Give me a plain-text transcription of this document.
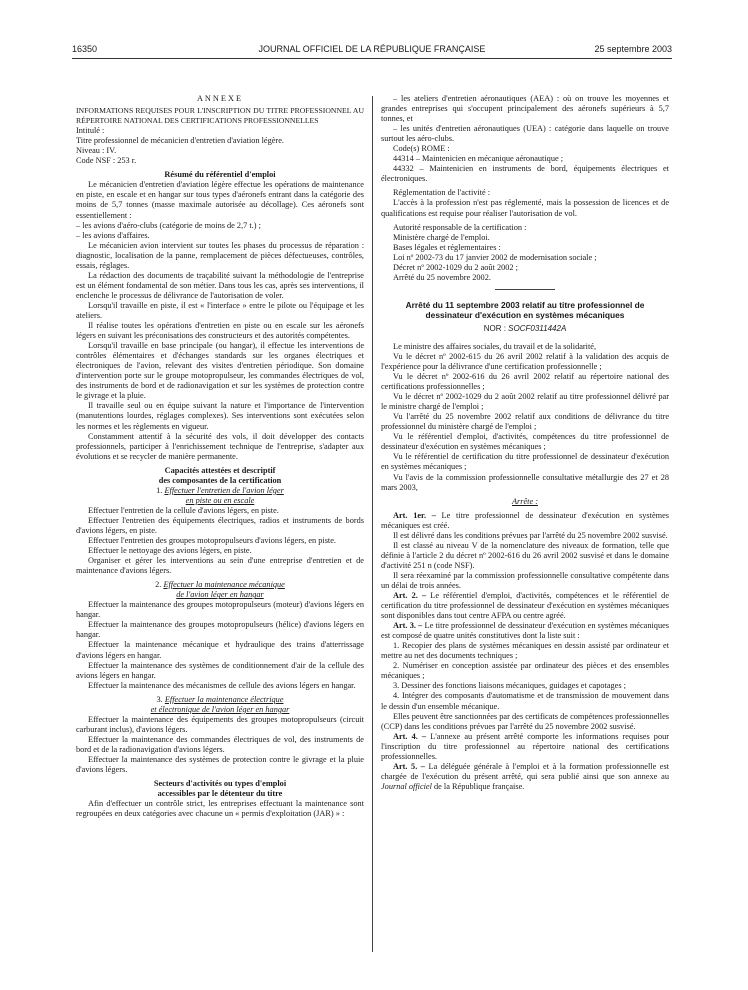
16350	JOURNAL OFFICIEL DE LA RÉPUBLIQUE FRANÇAISE	25 septembre 2003

ANNEXE

INFORMATIONS REQUISES POUR L'INSCRIPTION DU TITRE PROFESSIONNEL AU RÉPERTOIRE NATIONAL DES CERTIFICATIONS PROFESSIONNELLES

Intitulé :

Titre professionnel de mécanicien d'entretien d'aviation légère.

Niveau : IV.

Code NSF : 253 r.

Résumé du référentiel d'emploi

Le mécanicien d'entretien d'aviation légère effectue les opérations de maintenance en piste, en escale et en hangar sur tous types d'aéronefs entrant dans la catégorie des moins de 5,7 tonnes (masse maximale autorisée au décollage). Ces aéronefs sont essentiellement :

– les avions d'aéro-clubs (catégorie de moins de 2,7 t.) ;

– les avions d'affaires.

Le mécanicien avion intervient sur toutes les phases du processus de réparation : diagnostic, localisation de la panne, remplacement de pièces défectueuses, contrôles, essais, réglages.

La rédaction des documents de traçabilité suivant la méthodologie de l'entreprise est un élément fondamental de son métier. Dans tous les cas, après ses interventions, il enclenche le processus de délivrance de l'autorisation de voler.

Lorsqu'il travaille en piste, il est « l'interface » entre le pilote ou l'équipage et les ateliers.

Il réalise toutes les opérations d'entretien en piste ou en escale sur les aéronefs légers en suivant les préconisations des constructeurs et des autorités compétentes.

Lorsqu'il travaille en base principale (ou hangar), il effectue les interventions de contrôles élémentaires et d'échanges standards sur les organes électriques et électroniques de l'avion, relevant des visites d'entretien périodique. Son domaine d'intervention porte sur le groupe motopropulseur, les commandes électriques de vol, des instruments de bord et de radionavigation et sur les systèmes de protection contre le givrage et la pluie.

Il travaille seul ou en équipe suivant la nature et l'importance de l'intervention (manutentions lourdes, réglages complexes). Ses interventions sont exécutées selon les normes et les règlements en vigueur.

Constamment attentif à la sécurité des vols, il doit développer des contacts professionnels, participer à l'enrichissement technique de l'entreprise, s'adapter aux évolutions et se recycler de manière permanente.

Capacités attestées et descriptif

des composantes de la certification

1. Effectuer l'entretien de l'avion léger

en piste ou en escale

Effectuer l'entretien de la cellule d'avions légers, en piste.

Effectuer l'entretien des équipements électriques, radios et instruments de bords d'avions légers, en piste.

Effectuer l'entretien des groupes motopropulseurs d'avions légers, en piste.

Effectuer le nettoyage des avions légers, en piste.

Organiser et gérer les interventions au sein d'une entreprise d'entretien et de maintenance d'avions légers.

2. Effectuer la maintenance mécanique

de l'avion léger en hangar

Effectuer la maintenance des groupes motopropulseurs (moteur) d'avions légers en hangar.

Effectuer la maintenance des groupes motopropulseurs (hélice) d'avions légers en hangar.

Effectuer la maintenance mécanique et hydraulique des trains d'atterrissage d'avions légers en hangar.

Effectuer la maintenance des systèmes de conditionnement d'air de la cellule des avions légers en hangar.

Effectuer la maintenance des mécanismes de cellule des avions légers en hangar.

3. Effectuer la maintenance électrique

et électronique de l'avion léger en hangar

Effectuer la maintenance des équipements des groupes motopropulseurs (circuit carburant inclus), d'avions légers.

Effectuer la maintenance des commandes électriques de vol, des instruments de bord et de la radionavigation d'avions légers.

Effectuer la maintenance des systèmes de protection contre le givrage et la pluie d'avions légers.

Secteurs d'activités ou types d'emploi

accessibles par le détenteur du titre

Afin d'effectuer un contrôle strict, les entreprises effectuant la maintenance sont regroupées en deux catégories avec chacune un « permis d'exploitation (JAR) » :

– les ateliers d'entretien aéronautiques (AEA) : où on trouve les moyennes et grandes entreprises qui s'occupent principalement des aéronefs supérieurs à 5,7 tonnes, et

– les unités d'entretien aéronautiques (UEA) : catégorie dans laquelle on trouve surtout les aéro-clubs.

Code(s) ROME :

44314 – Maintenicien en mécanique aéronautique ;

44332 – Maintenicien en instruments de bord, équipements électriques et électroniques.

Réglementation de l'activité :

L'accès à la profession n'est pas réglementé, mais la possession de licences et de qualifications est requise pour réaliser l'autorisation de vol.

Autorité responsable de la certification :

Ministère chargé de l'emploi.

Bases légales et réglementaires :

Loi nº 2002-73 du 17 janvier 2002 de modernisation sociale ;

Décret nº 2002-1029 du 2 août 2002 ;

Arrêté du 25 novembre 2002.

Arrêté du 11 septembre 2003 relatif au titre professionnel de dessinateur d'exécution en systèmes mécaniques

NOR : SOCF0311442A

Le ministre des affaires sociales, du travail et de la solidarité,

Vu le décret nº 2002-615 du 26 avril 2002 relatif à la validation des acquis de l'expérience pour la délivrance d'une certification professionnelle ;

Vu le décret nº 2002-616 du 26 avril 2002 relatif au répertoire national des certifications professionnelles ;

Vu le décret nº 2002-1029 du 2 août 2002 relatif au titre professionnel délivré par le ministre chargé de l'emploi ;

Vu l'arrêté du 25 novembre 2002 relatif aux conditions de délivrance du titre professionnel du ministère chargé de l'emploi ;

Vu le référentiel d'emploi, d'activités, compétences du titre professionnel de dessinateur d'exécution en systèmes mécaniques ;

Vu le référentiel de certification du titre professionnel de dessinateur d'exécution en systèmes mécaniques ;

Vu l'avis de la commission professionnelle consultative métallurgie des 27 et 28 mars 2003,

Arrête :

Art. 1er. – Le titre professionnel de dessinateur d'exécution en systèmes mécaniques est créé.

Il est délivré dans les conditions prévues par l'arrêté du 25 novembre 2002 susvisé.

Il est classé au niveau V de la nomenclature des niveaux de formation, telle que définie à l'article 2 du décret nº 2002-616 du 26 avril 2002 susvisé et dans le domaine d'activité 251 n (code NSF).

Il sera réexaminé par la commission professionnelle consultative compétente dans un délai de trois années.

Art. 2. – Le référentiel d'emploi, d'activités, compétences et le référentiel de certification du titre professionnel de dessinateur d'exécution en systèmes mécaniques sont disponibles dans tout centre AFPA ou centre agréé.

Art. 3. – Le titre professionnel de dessinateur d'exécution en systèmes mécaniques est composé de quatre unités constitutives dont la liste suit :

1. Recopier des plans de systèmes mécaniques en dessin assisté par ordinateur et mettre au net des documents techniques ;

2. Numériser en conception assistée par ordinateur des pièces et des ensembles mécaniques ;

3. Dessiner des fonctions liaisons mécaniques, guidages et capotages ;

4. Intégrer des composants d'automatisme et de transmission de mouvement dans le dessin d'un ensemble mécanique.

Elles peuvent être sanctionnées par des certificats de compétences professionnelles (CCP) dans les conditions prévues par l'arrêté du 25 novembre 2002 susvisé.

Art. 4. – L'annexe au présent arrêté comporte les informations requises pour l'inscription du titre professionnel au répertoire national des certifications professionnelles.

Art. 5. – La déléguée générale à l'emploi et à la formation professionnelle est chargée de l'exécution du présent arrêté, qui sera publié ainsi que son annexe au Journal officiel de la République française.
